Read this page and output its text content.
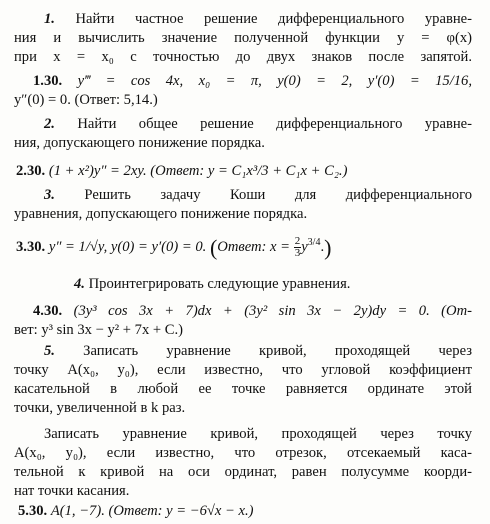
1. Найти частное решение дифференциального уравне-
ния и вычислить значение полученной функции y = φ(x)
при x = x₀ с точностью до двух знаков после запятой.
1.30. y‴ = cos 4x, x₀ = π, y(0) = 2, y′(0) = 15/16,
y″(0) = 0. (Ответ: 5,14.)
2. Найти общее решение дифференциального уравне-
ния, допускающего понижение порядка.
2.30. (1 + x²)y″ = 2xy. (Ответ: y = C₁x³/3 + C₁x + C₂.)
3. Решить задачу Коши для дифференциального
уравнения, допускающего понижение порядка.
3.30. y″ = 1/√y, y(0) = y′(0) = 0. (Ответ: $x = \frac{2}{3} y^{3/4}$.)
4. Проинтегрировать следующие уравнения.
4.30. (3y³ cos 3x + 7)dx + (3y² sin 3x − 2y)dy = 0. (От-
вет: y³ sin 3x − y² + 7x + C.)
5. Записать уравнение кривой, проходящей через
точку A(x₀, y₀), если известно, что угловой коэффициент
касательной в любой ее точке равняется ординате этой
точки, увеличенной в k раз.
Записать уравнение кривой, проходящей через точку
A(x₀, y₀), если известно, что отрезок, отсекаемый каса-
тельной к кривой на оси ординат, равен полусумме коорди-
нат точки касания.
5.30. A(1, −7). (Ответ: y = −6√x − x.)
